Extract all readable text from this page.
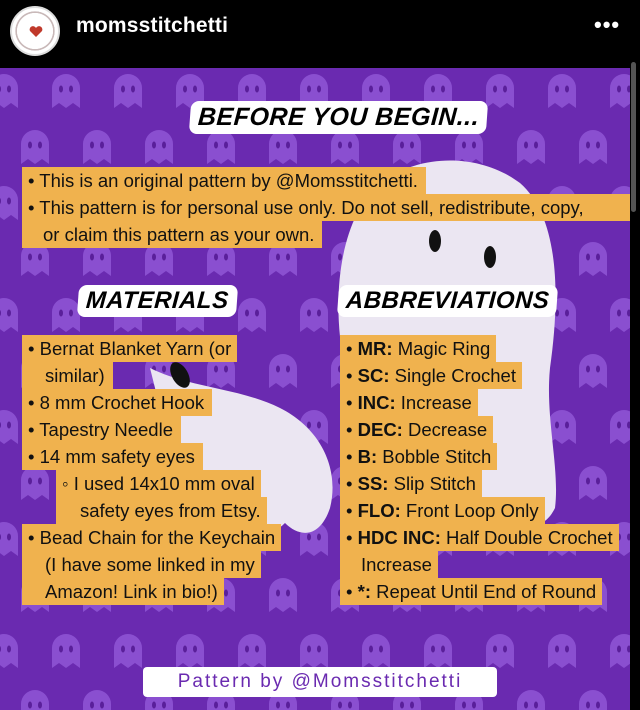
momsstitchetti	•••
BEFORE YOU BEGIN...
• This is an original pattern by @Momsstitchetti.
• This pattern is for personal use only. Do not sell, redistribute, copy,
or claim this pattern as your own.
MATERIALS	ABBREVIATIONS
• Bernat Blanket Yarn (or
similar)
• 8 mm Crochet Hook
• Tapestry Needle
• 14 mm safety eyes
◦ I used 14x10 mm oval
safety eyes from Etsy.
• Bead Chain for the Keychain
(I have some linked in my
Amazon! Link in bio!)
• MR: Magic Ring
• SC: Single Crochet
• INC: Increase
• DEC: Decrease
• B: Bobble Stitch
• SS: Slip Stitch
• FLO: Front Loop Only
• HDC INC: Half Double Crochet
Increase
• *: Repeat Until End of Round
Pattern by @Momsstitchetti
